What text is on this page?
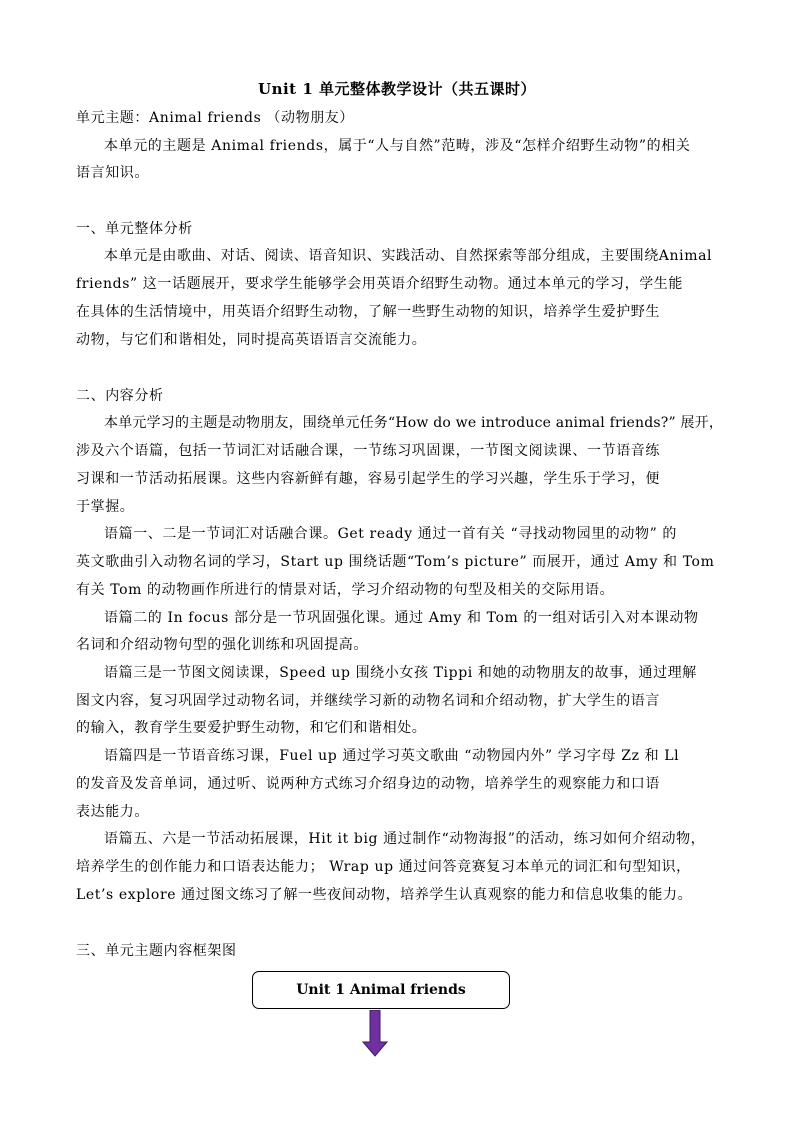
Unit 1 单元整体教学设计（共五课时）
单元主题：Animal friends （动物朋友）
本单元的主题是 Animal friends，属于“人与自然”范畴，涉及“怎样介绍野生动物”的相关
语言知识。
一、单元整体分析
本单元是由歌曲、对话、阅读、语音知识、实践活动、自然探索等部分组成，主要围绕Animal
friends” 这一话题展开，要求学生能够学会用英语介绍野生动物。通过本单元的学习，学生能
在具体的生活情境中，用英语介绍野生动物，了解一些野生动物的知识，培养学生爱护野生
动物，与它们和谐相处，同时提高英语语言交流能力。
二、内容分析
本单元学习的主题是动物朋友，围绕单元任务“How do we introduce animal friends?” 展开，
涉及六个语篇，包括一节词汇对话融合课，一节练习巩固课，一节图文阅读课、一节语音练
习课和一节活动拓展课。这些内容新鲜有趣，容易引起学生的学习兴趣，学生乐于学习，便
于掌握。
语篇一、二是一节词汇对话融合课。Get ready 通过一首有关 “寻找动物园里的动物” 的
英文歌曲引入动物名词的学习，Start up 围绕话题“Tom’s picture” 而展开，通过 Amy 和 Tom
有关 Tom 的动物画作所进行的情景对话，学习介绍动物的句型及相关的交际用语。
语篇二的 In focus 部分是一节巩固强化课。通过 Amy 和 Tom 的一组对话引入对本课动物
名词和介绍动物句型的强化训练和巩固提高。
语篇三是一节图文阅读课，Speed up 围绕小女孩 Tippi 和她的动物朋友的故事，通过理解
图文内容，复习巩固学过动物名词，并继续学习新的动物名词和介绍动物，扩大学生的语言
的输入，教育学生要爱护野生动物，和它们和谐相处。
语篇四是一节语音练习课，Fuel up 通过学习英文歌曲 “动物园内外” 学习字母 Zz 和 Ll
的发音及发音单词，通过听、说两种方式练习介绍身边的动物，培养学生的观察能力和口语
表达能力。
语篇五、六是一节活动拓展课，Hit it big 通过制作“动物海报”的活动，练习如何介绍动物，
培养学生的创作能力和口语表达能力； Wrap up 通过问答竞赛复习本单元的词汇和句型知识，
Let’s explore 通过图文练习了解一些夜间动物，培养学生认真观察的能力和信息收集的能力。
三、单元主题内容框架图
Unit 1 Animal friends
